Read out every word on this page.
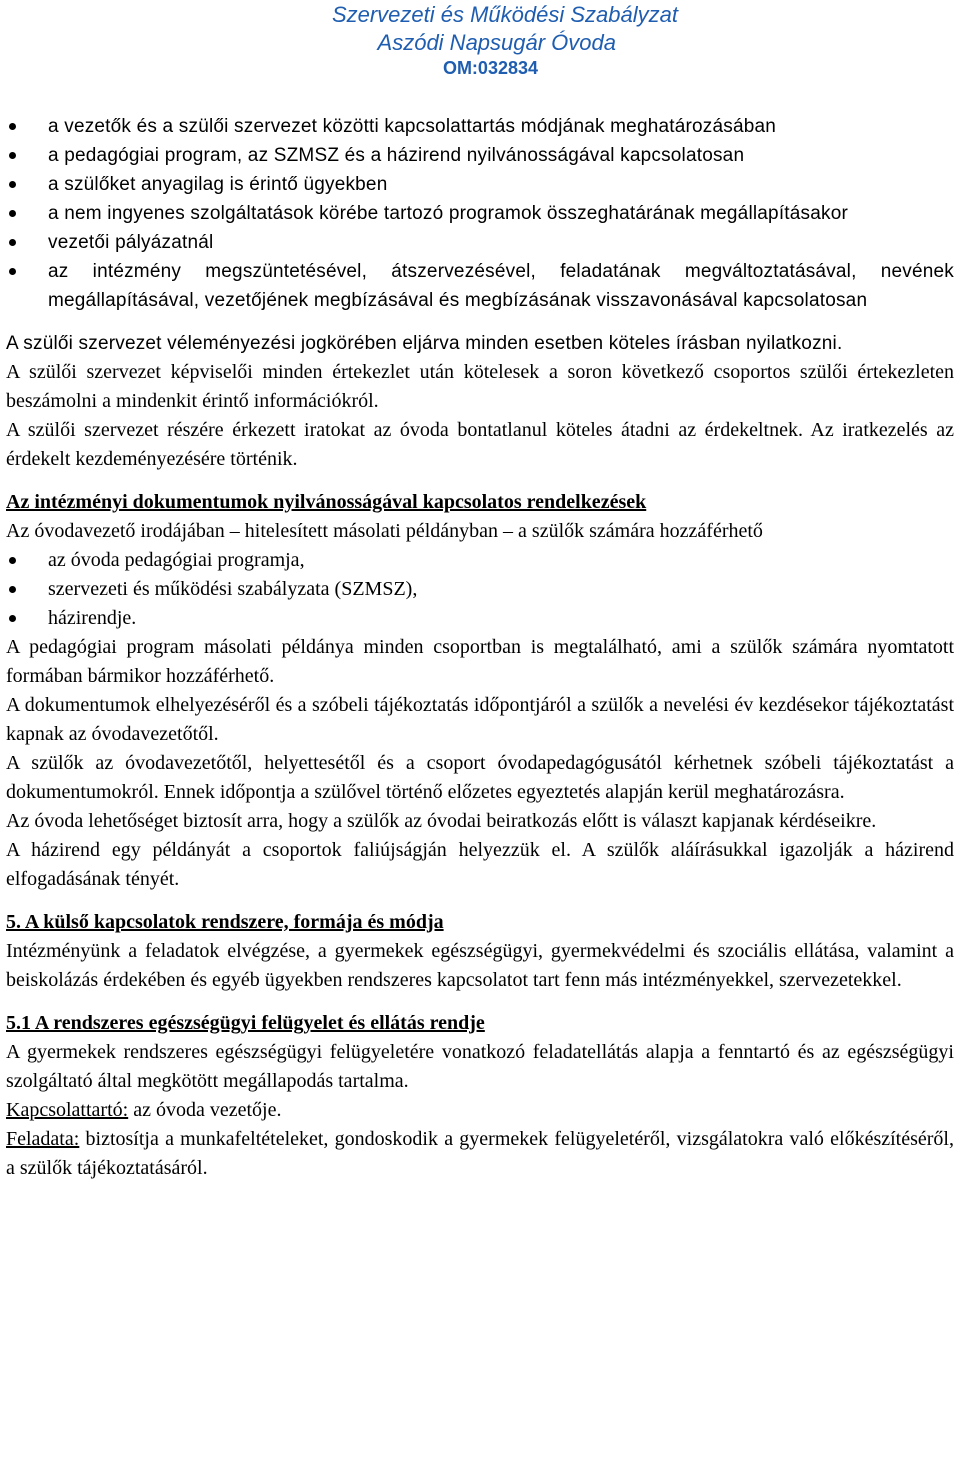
Szervezeti és Működési Szabályzat
Aszódi Napsugár Óvoda
OM:032834
a vezetők és a szülői szervezet közötti kapcsolattartás módjának meghatározásában
a pedagógiai program, az SZMSZ és a házirend nyilvánosságával kapcsolatosan
a szülőket anyagilag is érintő ügyekben
a nem ingyenes szolgáltatások körébe tartozó programok összeghatárának megállapításakor
vezetői pályázatnál
az intézmény megszüntetésével, átszervezésével, feladatának megváltoztatásával, nevének megállapításával, vezetőjének megbízásával és megbízásának visszavonásával kapcsolatosan

A szülői szervezet véleményezési jogkörében eljárva minden esetben köteles írásban nyilatkozni.

A szülői szervezet képviselői minden értekezlet után kötelesek a soron következő csoportos szülői értekezleten beszámolni a mindenkit érintő információkról.

A szülői szervezet részére érkezett iratokat az óvoda bontatlanul köteles átadni az érdekeltnek. Az iratkezelés az érdekelt kezdeményezésére történik.

Az intézményi dokumentumok nyilvánosságával kapcsolatos rendelkezések

Az óvodavezető irodájában – hitelesített másolati példányban – a szülők számára hozzáférhető

az óvoda pedagógiai programja,
szervezeti és működési szabályzata (SZMSZ),
házirendje.

A pedagógiai program másolati példánya minden csoportban is megtalálható, ami a szülők számára nyomtatott formában bármikor hozzáférhető.

A dokumentumok elhelyezéséről és a szóbeli tájékoztatás időpontjáról a szülők a nevelési év kezdésekor tájékoztatást kapnak az óvodavezetőtől.

A szülők az óvodavezetőtől, helyettesétől és a csoport óvodapedagógusától kérhetnek szóbeli tájékoztatást a dokumentumokról. Ennek időpontja a szülővel történő előzetes egyeztetés alapján kerül meghatározásra.

Az óvoda lehetőséget biztosít arra, hogy a szülők az óvodai beiratkozás előtt is választ kapjanak kérdéseikre.

A házirend egy példányát a csoportok faliújságján helyezzük el. A szülők aláírásukkal igazolják a házirend elfogadásának tényét.

5. A külső kapcsolatok rendszere, formája és módja

Intézményünk a feladatok elvégzése, a gyermekek egészségügyi, gyermekvédelmi és szociális ellátása, valamint a beiskolázás érdekében és egyéb ügyekben rendszeres kapcsolatot tart fenn más intézményekkel, szervezetekkel.

5.1 A rendszeres egészségügyi felügyelet és ellátás rendje

A gyermekek rendszeres egészségügyi felügyeletére vonatkozó feladatellátás alapja a fenntartó és az egészségügyi szolgáltató által megkötött megállapodás tartalma.

Kapcsolattartó: az óvoda vezetője.

Feladata: biztosítja a munkafeltételeket, gondoskodik a gyermekek felügyeletéről, vizsgálatokra való előkészítéséről, a szülők tájékoztatásáról.
